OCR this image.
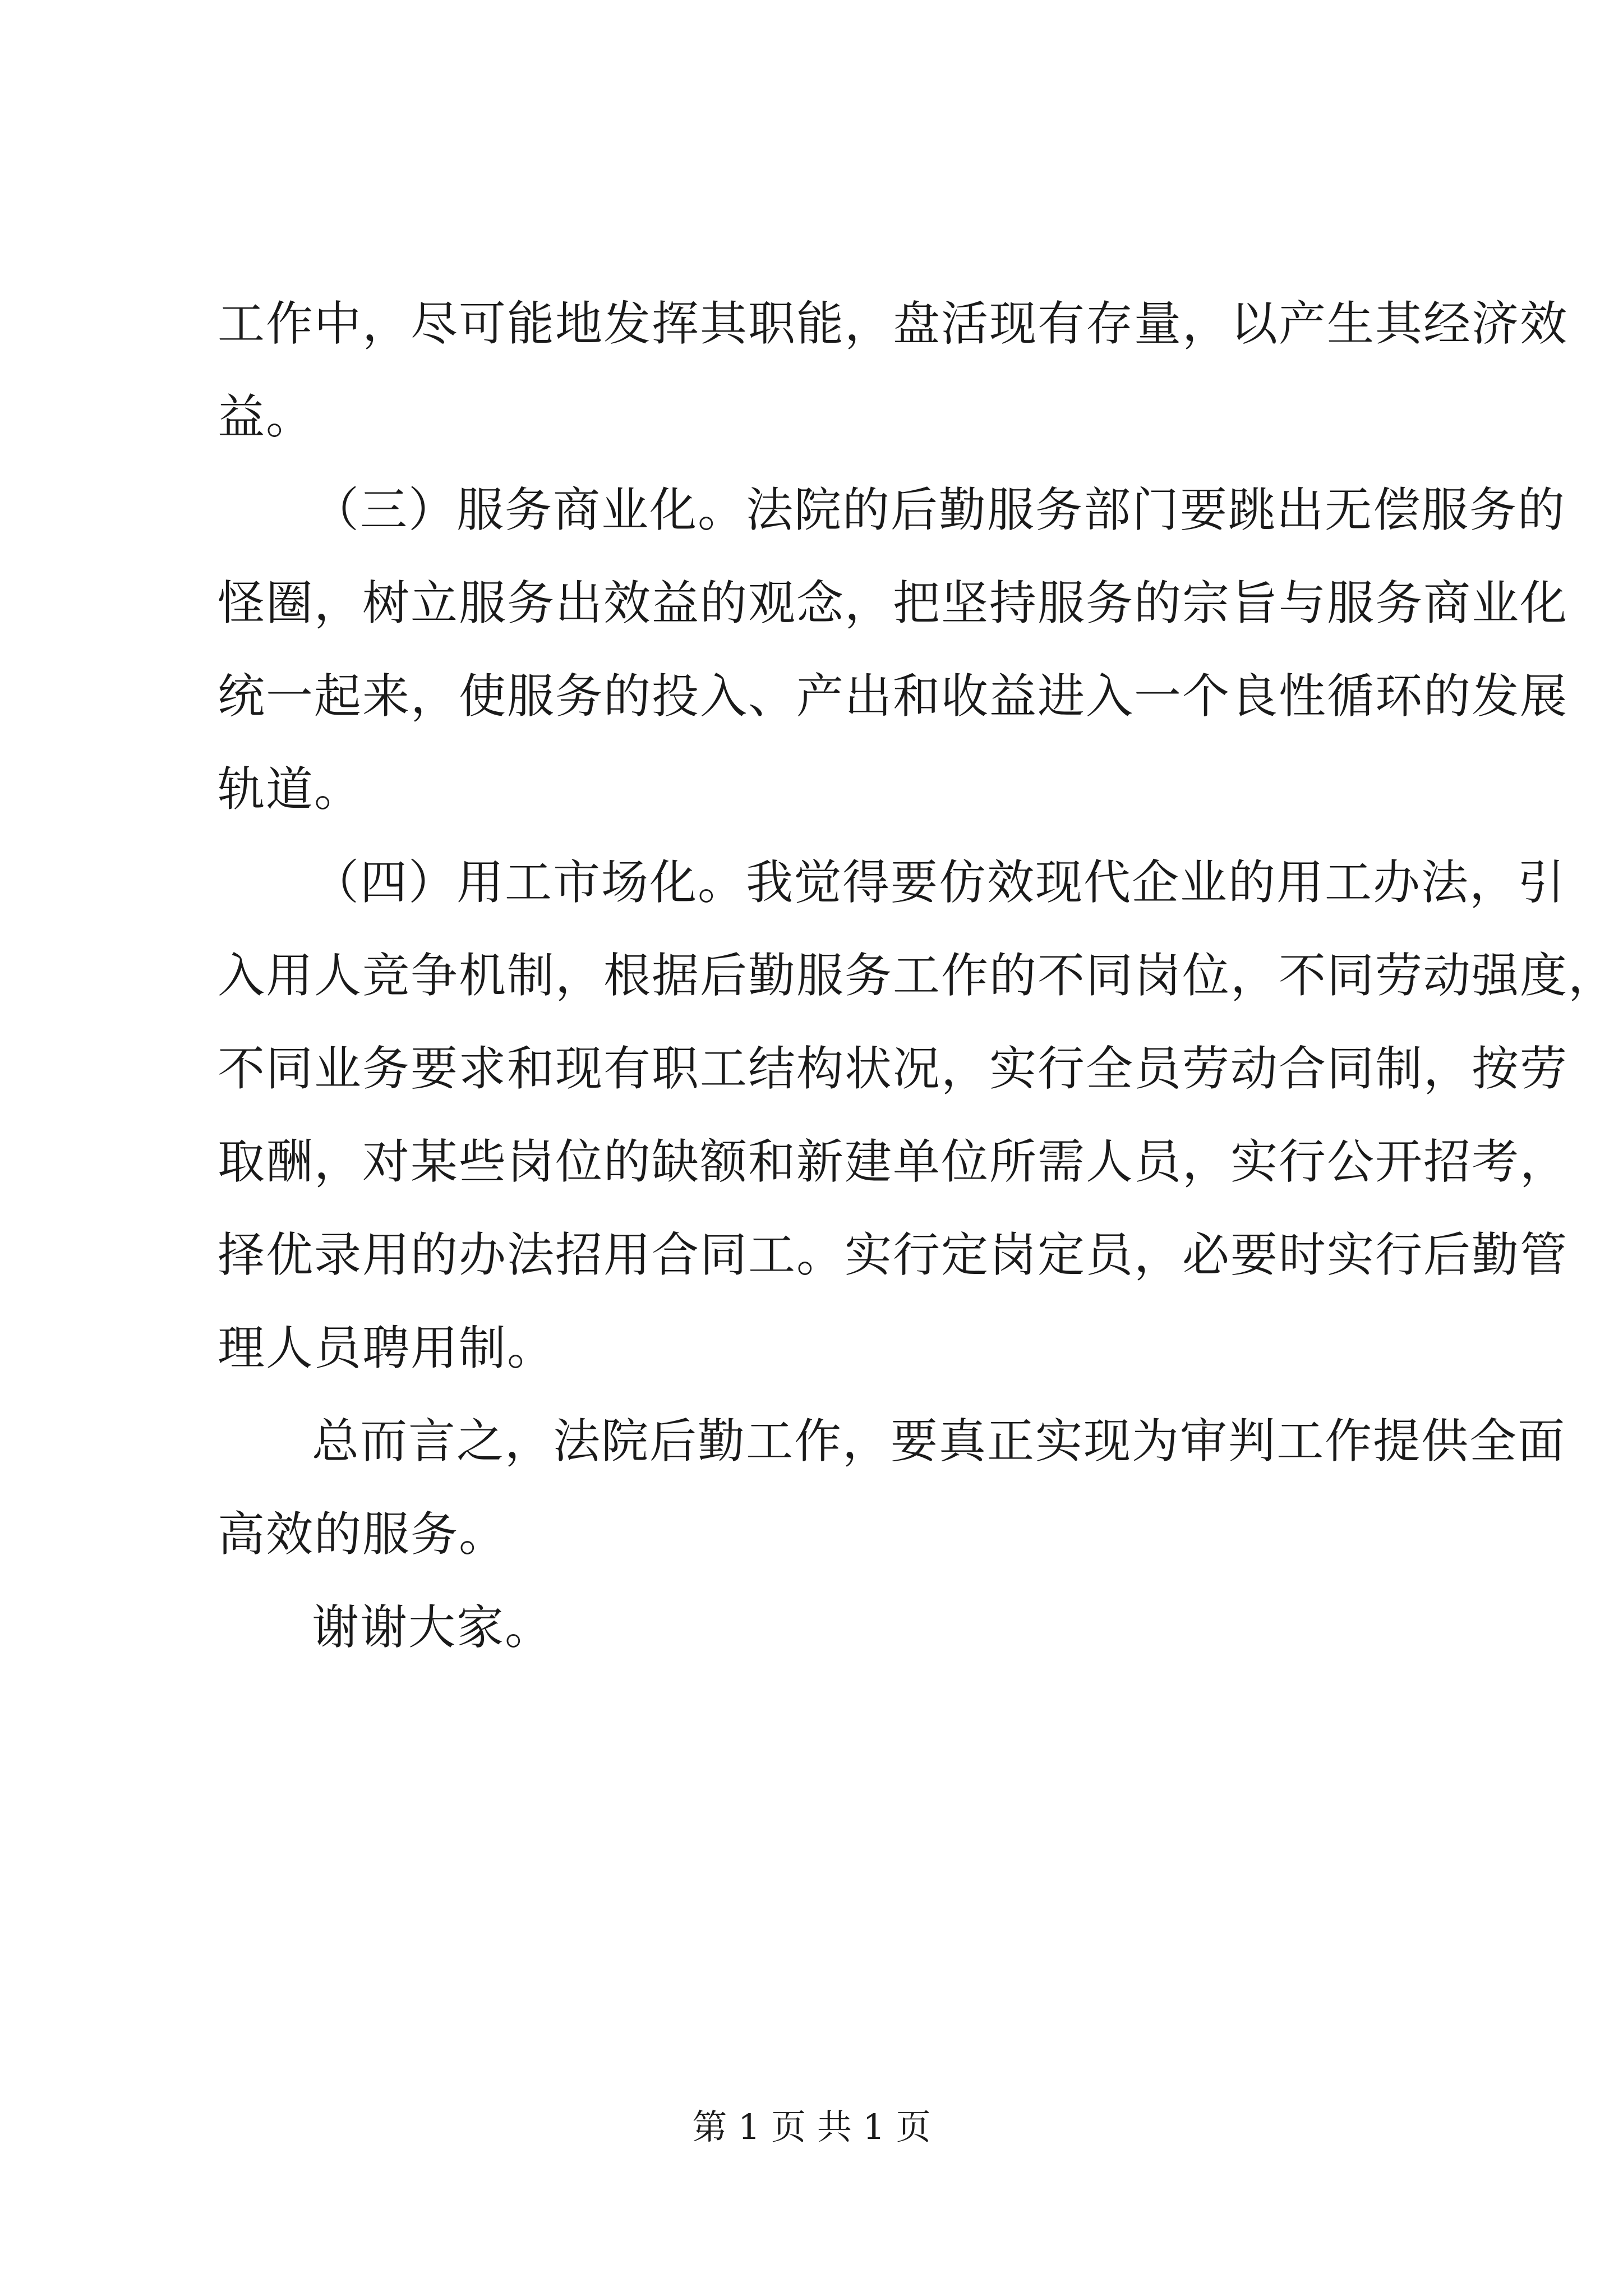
工作中，尽可能地发挥其职能，盘活现有存量，以产生其经济效
益。
（三）服务商业化。法院的后勤服务部门要跳出无偿服务的
怪圈，树立服务出效益的观念，把坚持服务的宗旨与服务商业化
统一起来，使服务的投入、产出和收益进入一个良性循环的发展
轨道。
（四）用工市场化。我觉得要仿效现代企业的用工办法，引
入用人竞争机制，根据后勤服务工作的不同岗位，不同劳动强度，
不同业务要求和现有职工结构状况，实行全员劳动合同制，按劳
取酬，对某些岗位的缺额和新建单位所需人员，实行公开招考，
择优录用的办法招用合同工。实行定岗定员，必要时实行后勤管
理人员聘用制。
总而言之，法院后勤工作，要真正实现为审判工作提供全面
高效的服务。
谢谢大家。
第 1 页 共 1 页
